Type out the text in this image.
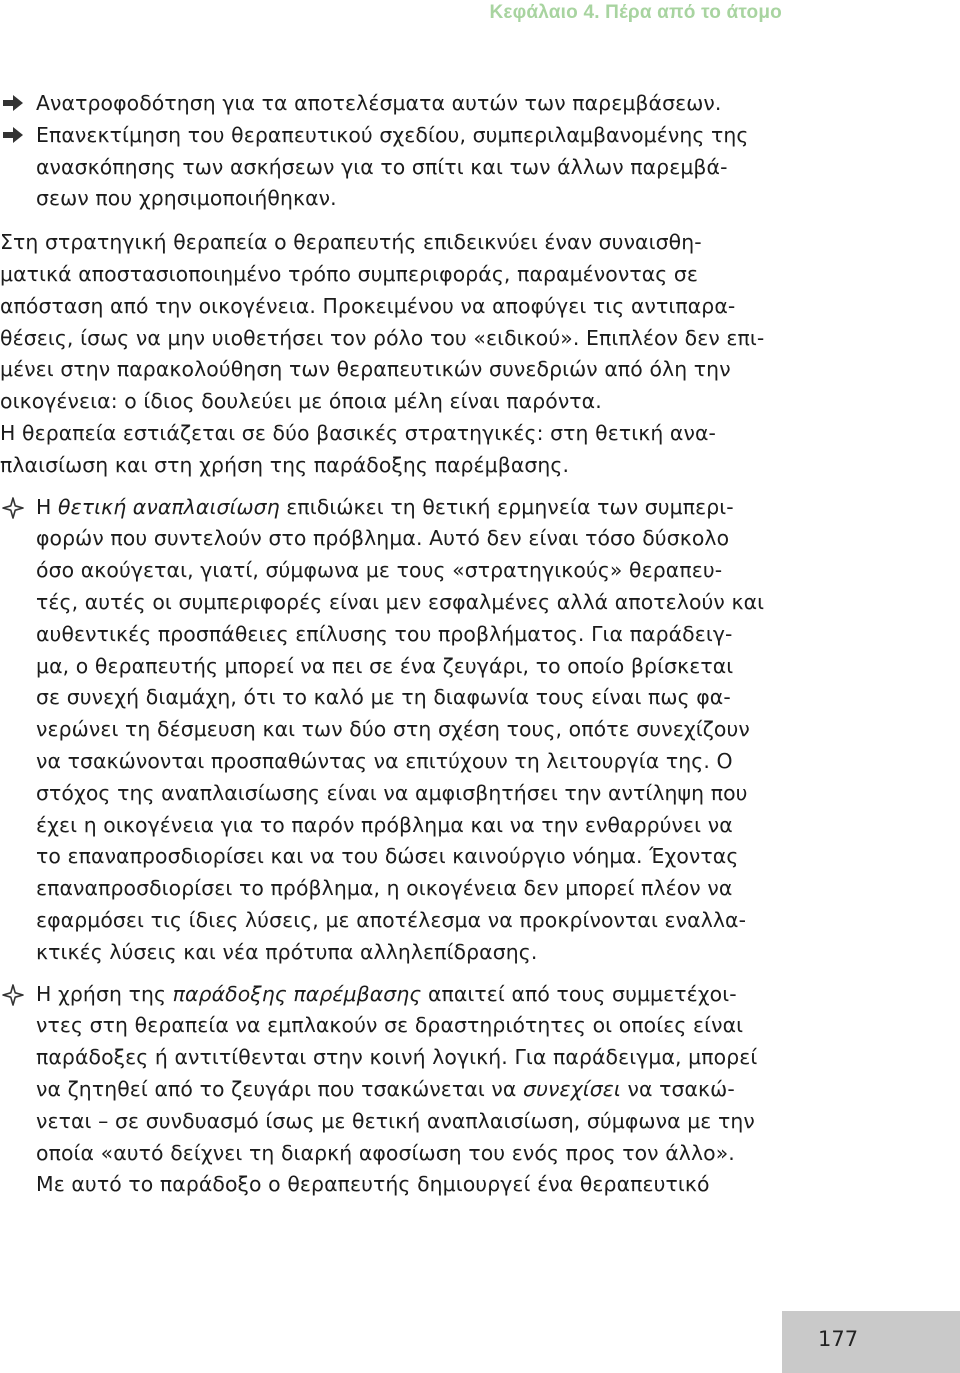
Κεφάλαιο 4. Πέρα από το άτομο
Ανατροφοδότηση για τα αποτελέσματα αυτών των παρεμβάσεων.
Επανεκτίμηση του θεραπευτικού σχεδίου, συμπεριλαμβανομένης της
ανασκόπησης των ασκήσεων για το σπίτι και των άλλων παρεμβά-
σεων που χρησιμοποιήθηκαν.
Στη στρατηγική θεραπεία ο θεραπευτής επιδεικνύει έναν συναισθη-
ματικά αποστασιοποιημένο τρόπο συμπεριφοράς, παραμένοντας σε
απόσταση από την οικογένεια. Προκειμένου να αποφύγει τις αντιπαρα-
θέσεις, ίσως να μην υιοθετήσει τον ρόλο του «ειδικού». Επιπλέον δεν επι-
μένει στην παρακολούθηση των θεραπευτικών συνεδριών από όλη την
οικογένεια: ο ίδιος δουλεύει με όποια μέλη είναι παρόντα.
Η θεραπεία εστιάζεται σε δύο βασικές στρατηγικές: στη θετική ανα-
πλαισίωση και στη χρήση της παράδοξης παρέμβασης.
Η θετική αναπλαισίωση επιδιώκει τη θετική ερμηνεία των συμπερι-
φορών που συντελούν στο πρόβλημα. Αυτό δεν είναι τόσο δύσκολο
όσο ακούγεται, γιατί, σύμφωνα με τους «στρατηγικούς» θεραπευ-
τές, αυτές οι συμπεριφορές είναι μεν εσφαλμένες αλλά αποτελούν και
αυθεντικές προσπάθειες επίλυσης του προβλήματος. Για παράδειγ-
μα, ο θεραπευτής μπορεί να πει σε ένα ζευγάρι, το οποίο βρίσκεται
σε συνεχή διαμάχη, ότι το καλό με τη διαφωνία τους είναι πως φα-
νερώνει τη δέσμευση και των δύο στη σχέση τους, οπότε συνεχίζουν
να τσακώνονται προσπαθώντας να επιτύχουν τη λειτουργία της. Ο
στόχος της αναπλαισίωσης είναι να αμφισβητήσει την αντίληψη που
έχει η οικογένεια για το παρόν πρόβλημα και να την ενθαρρύνει να
το επαναπροσδιορίσει και να του δώσει καινούργιο νόημα. Έχοντας
επαναπροσδιορίσει το πρόβλημα, η οικογένεια δεν μπορεί πλέον να
εφαρμόσει τις ίδιες λύσεις, με αποτέλεσμα να προκρίνονται εναλλα-
κτικές λύσεις και νέα πρότυπα αλληλεπίδρασης.
Η χρήση της παράδοξης παρέμβασης απαιτεί από τους συμμετέχοι-
ντες στη θεραπεία να εμπλακούν σε δραστηριότητες οι οποίες είναι
παράδοξες ή αντιτίθενται στην κοινή λογική. Για παράδειγμα, μπορεί
να ζητηθεί από το ζευγάρι που τσακώνεται να συνεχίσει να τσακώ-
νεται – σε συνδυασμό ίσως με θετική αναπλαισίωση, σύμφωνα με την
οποία «αυτό δείχνει τη διαρκή αφοσίωση του ενός προς τον άλλο».
Με αυτό το παράδοξο ο θεραπευτής δημιουργεί ένα θεραπευτικό
177
